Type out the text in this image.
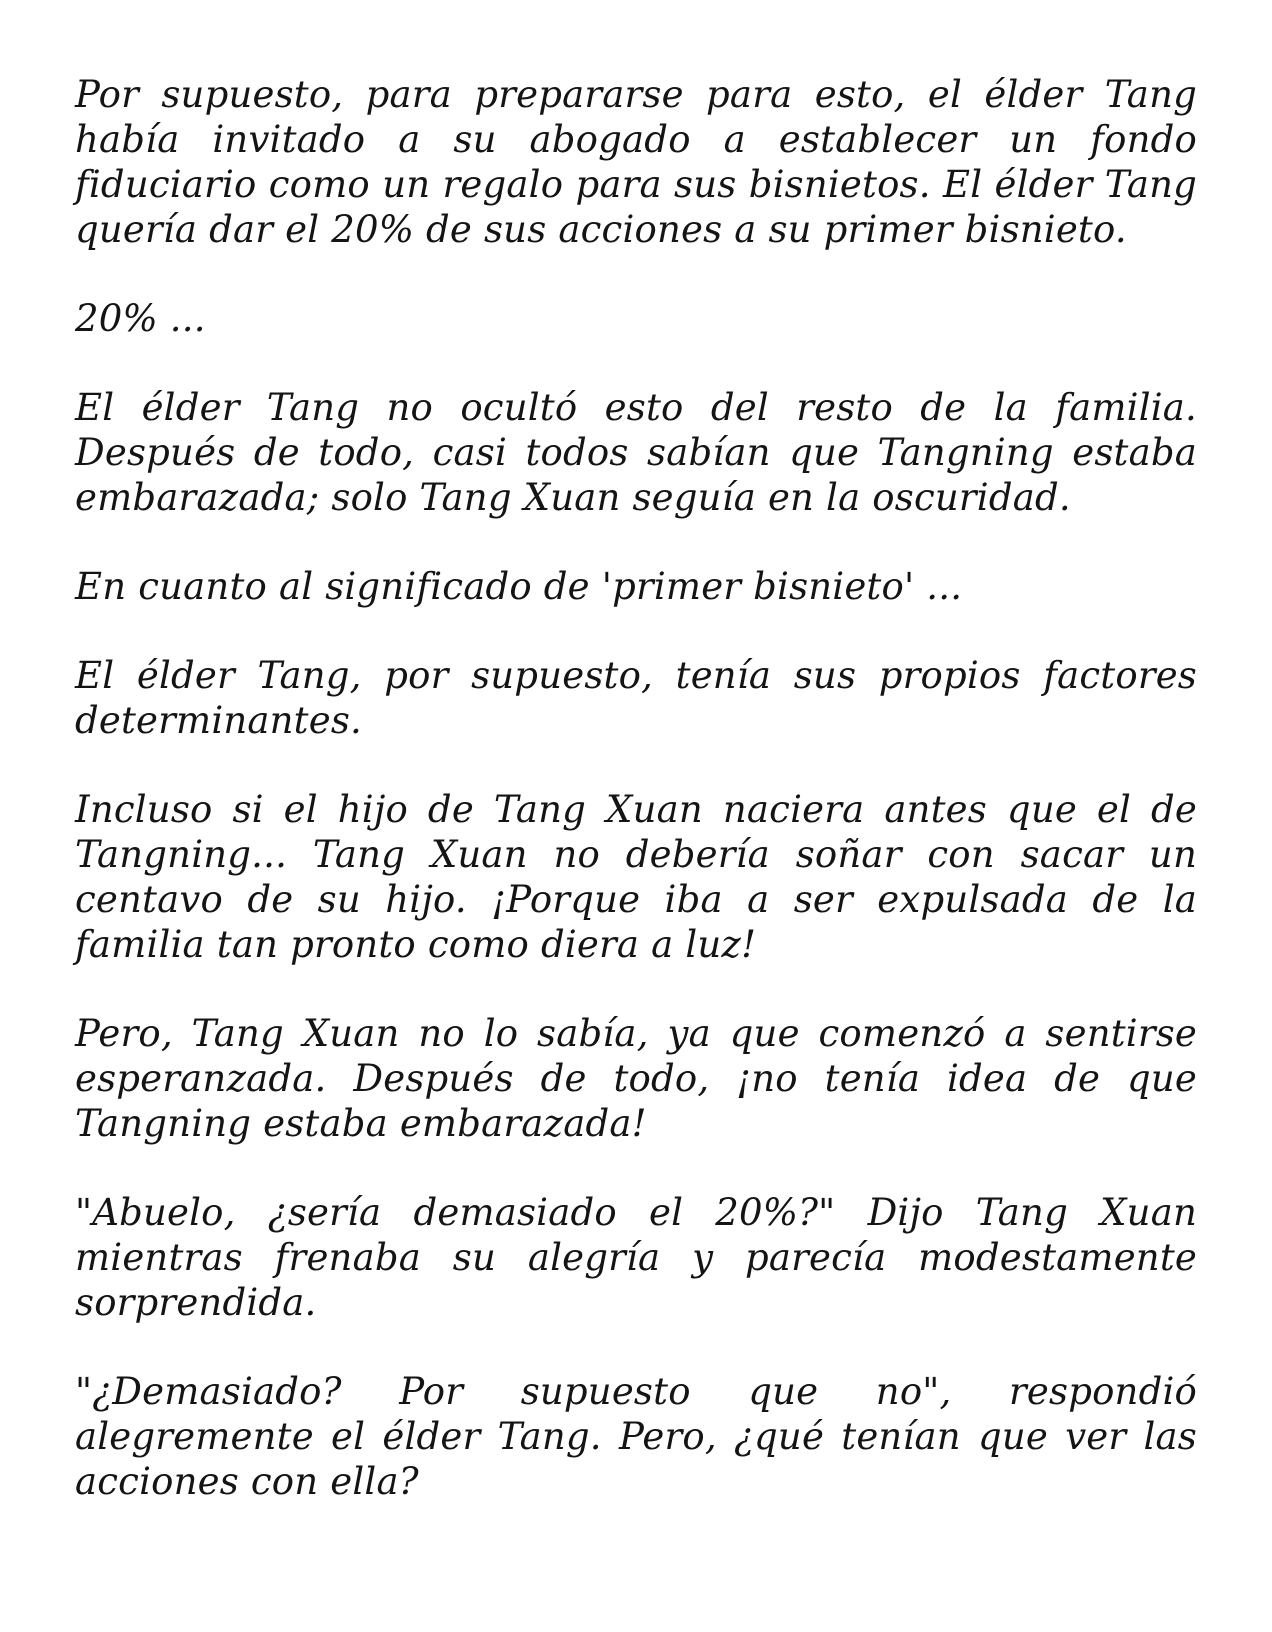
Por supuesto, para prepararse para esto, el élder Tang había invitado a su abogado a establecer un fondo fiduciario como un regalo para sus bisnietos. El élder Tang quería dar el 20% de sus acciones a su primer bisnieto.

20% ...

El élder Tang no ocultó esto del resto de la familia. Después de todo, casi todos sabían que Tangning estaba embarazada; solo Tang Xuan seguía en la oscuridad.

En cuanto al significado de 'primer bisnieto' ...

El élder Tang, por supuesto, tenía sus propios factores determinantes.

Incluso si el hijo de Tang Xuan naciera antes que el de Tangning... Tang Xuan no debería soñar con sacar un centavo de su hijo. ¡Porque iba a ser expulsada de la familia tan pronto como diera a luz!

Pero, Tang Xuan no lo sabía, ya que comenzó a sentirse esperanzada. Después de todo, ¡no tenía idea de que Tangning estaba embarazada!

"Abuelo, ¿sería demasiado el 20%?" Dijo Tang Xuan mientras frenaba su alegría y parecía modestamente sorprendida.

"¿Demasiado? Por supuesto que no", respondió alegremente el élder Tang. Pero, ¿qué tenían que ver las acciones con ella?
